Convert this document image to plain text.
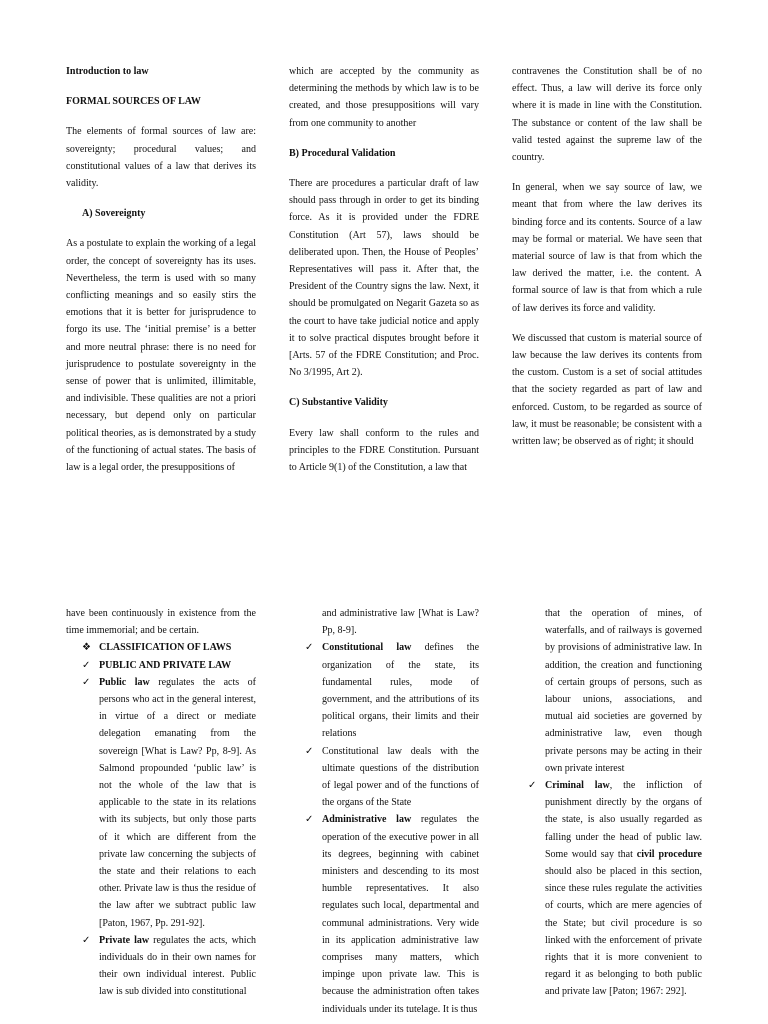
Introduction to law

FORMAL SOURCES OF LAW

The elements of formal sources of law are: sovereignty; procedural values; and constitutional values of a law that derives its validity.

A) Sovereignty

As a postulate to explain the working of a legal order, the concept of sovereignty has its uses. Nevertheless, the term is used with so many conflicting meanings and so easily stirs the emotions that it is better for jurisprudence to forgo its use. The ‘initial premise’ is a better and more neutral phrase: there is no need for jurisprudence to postulate sovereignty in the sense of power that is unlimited, illimitable, and indivisible. These qualities are not a priori necessary, but depend only on particular political theories, as is demonstrated by a study of the functioning of actual states. The basis of law is a legal order, the presuppositions of

which are accepted by the community as determining the methods by which law is to be created, and those presuppositions will vary from one community to another

B) Procedural Validation

There are procedures a particular draft of law should pass through in order to get its binding force. As it is provided under the FDRE Constitution (Art 57), laws should be deliberated upon. Then, the House of Peoples’ Representatives will pass it. After that, the President of the Country signs the law. Next, it should be promulgated on Negarit Gazeta so as the court to have take judicial notice and apply it to solve practical disputes brought before it [Arts. 57 of the FDRE Constitution; and Proc. No 3/1995, Art 2).

C) Substantive Validity

Every law shall conform to the rules and principles to the FDRE Constitution. Pursuant to Article 9(1) of the Constitution, a law that

contravenes the Constitution shall be of no effect. Thus, a law will derive its force only where it is made in line with the Constitution. The substance or content of the law shall be valid tested against the supreme law of the country.

In general, when we say source of law, we meant that from where the law derives its binding force and its contents. Source of a law may be formal or material. We have seen that material source of law is that from which the law derived the matter, i.e. the content. A formal source of law is that from which a rule of law derives its force and validity.

We discussed that custom is material source of law because the law derives its contents from the custom. Custom is a set of social attitudes that the society regarded as part of law and enforced. Custom, to be regarded as source of law, it must be reasonable; be consistent with a written law; be observed as of right; it should

have been continuously in existence from the time immemorial; and be certain.

❖ CLASSIFICATION OF LAWS
✓ PUBLIC AND PRIVATE LAW
✓ Public law regulates the acts of persons who act in the general interest, in virtue of a direct or mediate delegation emanating from the sovereign [What is Law? Pp, 8-9]. As Salmond propounded ‘public law’ is not the whole of the law that is applicable to the state in its relations with its subjects, but only those parts of it which are different from the private law concerning the subjects of the state and their relations to each other. Private law is thus the residue of the law after we subtract public law [Paton, 1967, Pp. 291-92].
✓ Private law regulates the acts, which individuals do in their own names for their own individual interest. Public law is sub divided into constitutional
and administrative law [What is Law? Pp, 8-9].
✓ Constitutional law defines the organization of the state, its fundamental rules, mode of government, and the attributions of its political organs, their limits and their relations
✓ Constitutional law deals with the ultimate questions of the distribution of legal power and of the functions of the organs of the State
✓ Administrative law regulates the operation of the executive power in all its degrees, beginning with cabinet ministers and descending to its most humble representatives. It also regulates such local, departmental and communal administrations. Very wide in its application administrative law comprises many matters, which impinge upon private law. This is because the administration often takes individuals under its tutelage. It is thus
that the operation of mines, of waterfalls, and of railways is governed by provisions of administrative law. In addition, the creation and functioning of certain groups of persons, such as labour unions, associations, and mutual aid societies are governed by administrative law, even though private persons may be acting in their own private interest
✓ Criminal law, the infliction of punishment directly by the organs of the state, is also usually regarded as falling under the head of public law. Some would say that civil procedure should also be placed in this section, since these rules regulate the activities of courts, which are mere agencies of the State; but civil procedure is so linked with the enforcement of private rights that it is more convenient to regard it as belonging to both public and private law [Paton; 1967: 292].
